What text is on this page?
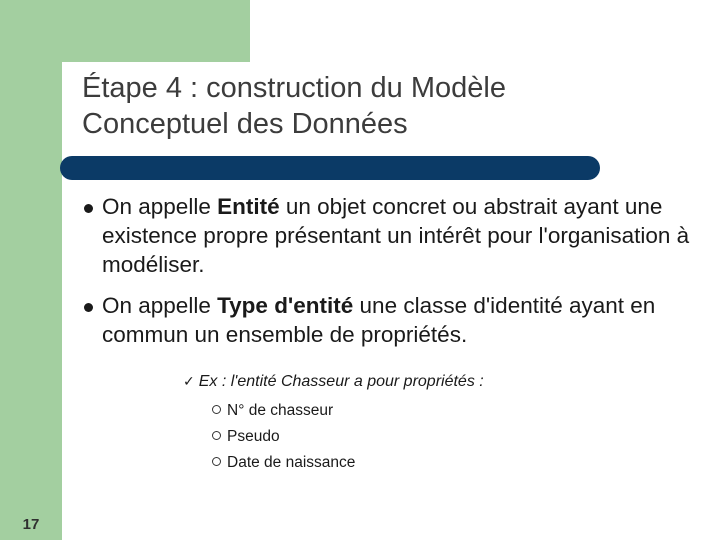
Étape 4 : construction du Modèle
Conceptuel des Données
On appelle Entité un objet concret ou abstrait ayant une existence propre présentant un intérêt pour l'organisation à modéliser.
On appelle Type d'entité une classe d'identité ayant en commun un ensemble de propriétés.
✓ Ex : l'entité Chasseur a pour propriétés :
N° de chasseur
Pseudo
Date de naissance
17
